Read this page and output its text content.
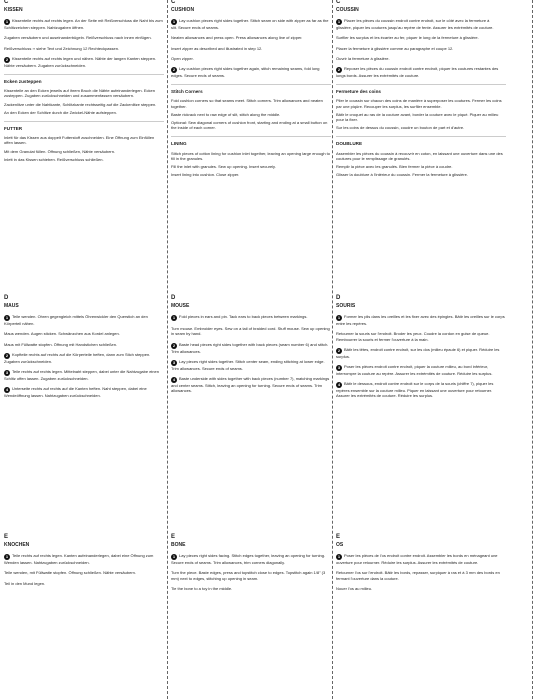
C
KISSEN
1 Kissenteile rechts auf rechts legen. An der Seite mit Reißverschluss die Naht bis zum Schlitzzeichen steppen. Nahtzugaben öffnen.
Zugaben versäubern und auseinanderbügeln. Reißverschluss nach innen einfügen.
Reißverschluss ›› siehe Text und Zeichnung 12 Rechteckpassen.
2 Kissenteile rechts auf rechts legen und nähen. Nähte der langen Kanten steppen. Nähte versäubern. Zugaben zurückschneiden.
Ecken zusteppen
Kissenteile an den Ecken jeweils auf ihrem Bruch die Nähte aufeinanderlegen. Ecken zusteppen. Zugaben zurückschneiden und zusammenfassen versäubern.
Zackenlitze unter die Nahtkante, Schlitzkante rechtsseitig auf die Zackenlitze steppen.
An den Ecken der Schlitze durch die Zwickel-Nähte aufsteppen.
FUTTER
Inlett für das Kissen aus doppelt Futterstoff zuschneiden. Eine Öffnung zum Einfüllen offen lassen.
Mit dem Granulat füllen. Öffnung schließen, Nähte versäubern.
Inlett in das Kissen schieben. Reißverschluss schließen.
D
MAUS
1 Teile wenden. Ohren gegengleich mittels Öhrenwickler den Querstich an den Körperteil nähen.
Maus wenden. Augen sticken. Schwänzchen aus Kordel anlegen.
Maus mit Füllwatte stopfen. Öffnung mit Handstichen schließen.
2 Kopfteile rechts auf rechts auf die Körperteile heften, dann zum Stich steppen. Zugaben zurückschneiden.
3 Teile rechts auf rechts legen. Mittelnaht steppen, dabei unter die Nahtzugabe einen Schlitz offen lassen. Zugaben zurückschneiden.
4 Unterseite rechts auf rechts auf die Kanten heften. Naht steppen, dabei eine Wendeöffnung lassen. Nahtzugaben zurückschneiden.
E
KNOCHEN
1 Teile rechts auf rechts legen. Kanten aufeinanderlegen, dabei eine Öffnung zum Wenden lassen. Nahtzugaben zurückschneiden.
Teile wenden, mit Füllwatte stopfen. Öffnung schließen. Nähte versäubern.
Teil in den Mund legen.
C
CUSHION
1 Lay cushion pieces right sides together. Stitch seam on side with zipper as far as the slit. Secure ends of seams.
Neaten allowances and press open. Press allowances along line of zipper.
Insert zipper as described and illustrated in step 12.
Open zipper.
2 Lay cushion pieces right sides together again, stitch remaining seams, fold long edges. Secure ends of seams.
Stitch Corners
Fold cushion corners so that seams meet. Stitch corners. Trim allowances and neaten together.
Baste rickrack next to raw edge of slit, stitch along the middle.
Optional: Sew diagonal corners of cushion front, starting and ending at a small button on the inside of each corner.
LINING
Stitch pieces of cotton lining for cushion inlet together, leaving an opening large enough to fill in the granules.
Fill the inlet with granules. Sew up opening. Insert securely.
Insert lining into cushion. Close zipper.
D
MOUSE
1 Fold pieces in ears and pin. Tack ears to back pieces between markings.
Turn mouse. Embroider eyes. Sew on a tail of braided cord. Stuff mouse. Sew up opening in seam by hand.
2 Baste head pieces right sides together with back pieces (seam number 6) and stitch. Trim allowances.
3 Lay pieces right sides together. Stitch center seam, ending stitching at lower edge. Trim allowances. Secure ends of seams.
4 Baste underside with sides together with back pieces (number 7), matching markings and center seams. Stitch, leaving an opening for turning. Secure ends of seams. Trim allowances.
E
BONE
1 Lay pieces right sides facing. Stitch edges together, leaving an opening for turning. Secure ends of seams. Trim allowances, trim corners diagonally.
Turn the piece. Baste edges, press and topstitch close to edges. Topstitch again 1/8" (3 mm) next to edges, stitching up opening in seam.
Tie the bone to a toy in the middle.
C
COUSSIN
1 Placer les pièces du coussin endroit contre endroit, sur le côté avec la fermeture à glissière, piquer les coutures jusqu'au repère de fente. Assurer les extrémités de couture.
Surfiler les surplus et les écarter au fer, piquer le long de la fermeture à glissière.
Placer la fermeture à glissière comme au paragraphe et coupe 12.
Ouvrir la fermeture à glissière.
2 Reposer les pièces du coussin endroit contre endroit, piquer les coutures restantes des longs bords. Assurer les extrémités de couture.
Fermeture des coins
Plier le coussin sur chacun des coins de manière à superposer les coutures. Fermer les coins par une piqûre. Recouper les surplus, les surfiler ensemble.
Bâtir le croquet au ras de la couture avant, border la couture avec le piqué. Piquer au milieu pour la fixer.
Sur les coins de dessus du coussin, coudre un bouton de part et d'autre.
DOUBLURE
Assembler les pièces du coussin à recouvrir en coton, en laissant une ouverture dans une des coutures pour le remplissage de granulés.
Remplir la pièce avec les granulés. Bien fermer la pièce à coudre.
Glisser la doublure à l'intérieur du coussin. Fermer la fermeture à glissière.
D
SOURIS
1 Former les plis dans les oreilles et les fixer avec des épingles. Bâtir les oreilles sur le corps entre les repères.
Retourner la souris sur l'endroit. Broder les yeux. Coudre la cordon en guise de queue. Rembourrer la souris et fermer l'ouverture à la main.
2 Bâtir les têtes, endroit contre endroit, sur les dos (milieu épaule 6) et piquer. Réduire les surplus.
3 Poser les pièces endroit contre endroit, piquer la couture milieu, au bord inférieur, interrompre la couture au repère. Assurer les extrémités de couture. Réduire les surplus.
4 Bâtir le dessous, endroit contre endroit sur le corps de la souris (chiffre 7), piquer les repères ensemble sur la couture milieu. Piquer en laissant une ouverture pour retourner. Assurer les extrémités de couture. Réduire les surplus.
E
OS
1 Poser les pièces de l'os endroit contre endroit. Assembler les bords en ménageant une ouverture pour retourner. Réduire les surplus. Assurer les extrémités de couture.
Retourner l'os sur l'endroit. Bâtir les bords, repasser, surpiquer à ras et à 3 mm des bords en fermant l'ouverture dans la couture.
Nouer l'os au milieu.
